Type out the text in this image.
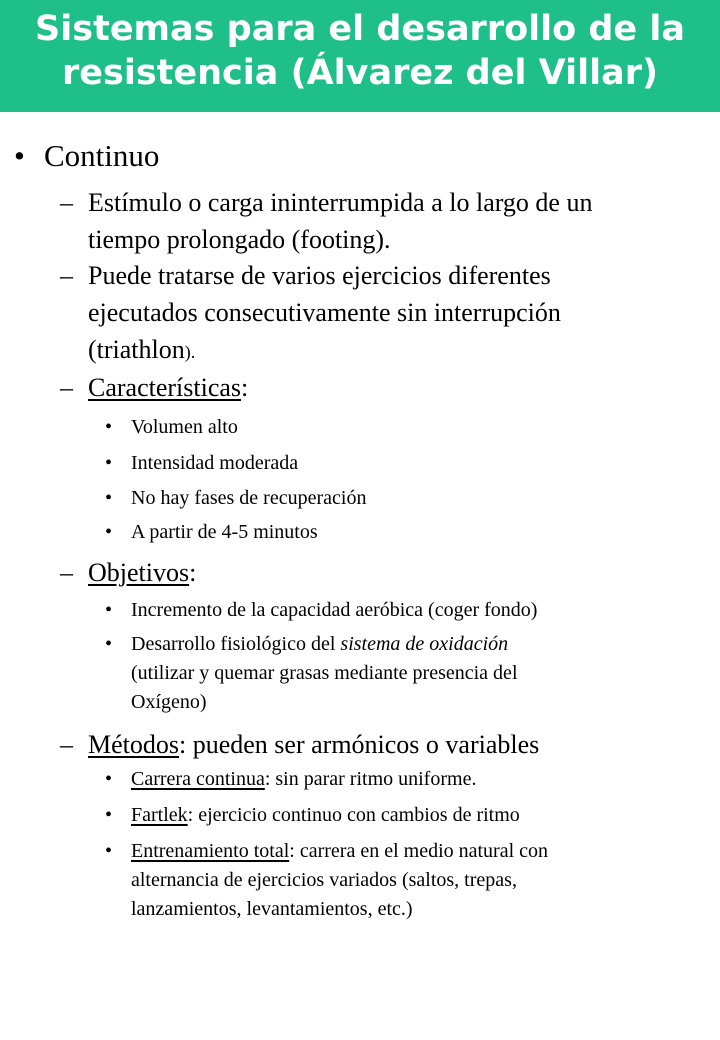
Sistemas para el desarrollo de la
resistencia (Álvarez del Villar)
• Continuo
– Estímulo o carga ininterrumpida a lo largo de un
tiempo prolongado (footing).
– Puede tratarse de varios ejercicios diferentes
ejecutados consecutivamente sin interrupción
(triathlon).
– Características:
• Volumen alto
• Intensidad moderada
• No hay fases de recuperación
• A partir de 4-5 minutos
– Objetivos:
• Incremento de la capacidad aeróbica (coger fondo)
• Desarrollo fisiológico del sistema de oxidación
(utilizar y quemar grasas mediante presencia del
Oxígeno)
– Métodos: pueden ser armónicos o variables
• Carrera continua: sin parar ritmo uniforme.
• Fartlek: ejercicio continuo con cambios de ritmo
• Entrenamiento total: carrera en el medio natural con
alternancia de ejercicios variados (saltos, trepas,
lanzamientos, levantamientos, etc.)
